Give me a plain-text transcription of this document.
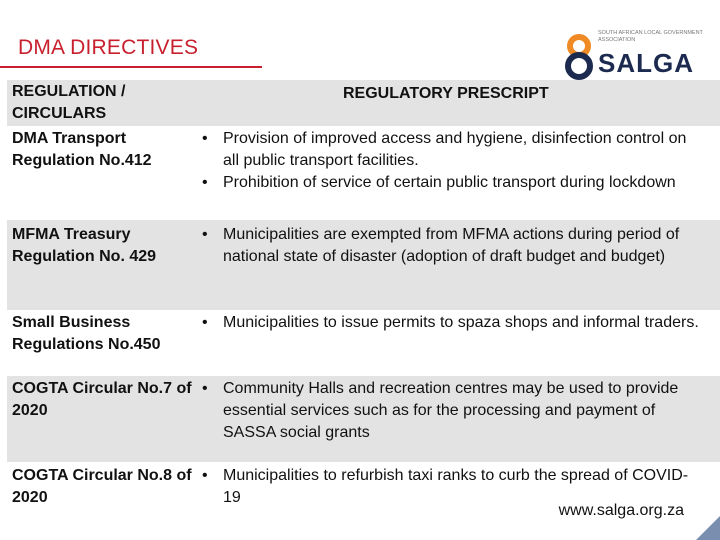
DMA DIRECTIVES
SOUTH AFRICAN LOCAL GOVERNMENT ASSOCIATION
SALGA
REGULATION / CIRCULARS
REGULATORY PRESCRIPT
DMA Transport Regulation No.412
• Provision of improved access and hygiene, disinfection control on all public transport facilities.
• Prohibition of service of certain public transport during lockdown
MFMA Treasury Regulation No. 429
• Municipalities are exempted from MFMA actions during period of national state of disaster (adoption of draft budget and budget)
Small Business Regulations No.450
• Municipalities to issue permits to spaza shops and informal traders.
COGTA Circular No.7 of 2020
• Community Halls and recreation centres may be used to provide essential services such as for the processing and payment of SASSA social grants
COGTA Circular No.8 of 2020
• Municipalities to refurbish taxi ranks to curb the spread of COVID-19
www.salga.org.za
